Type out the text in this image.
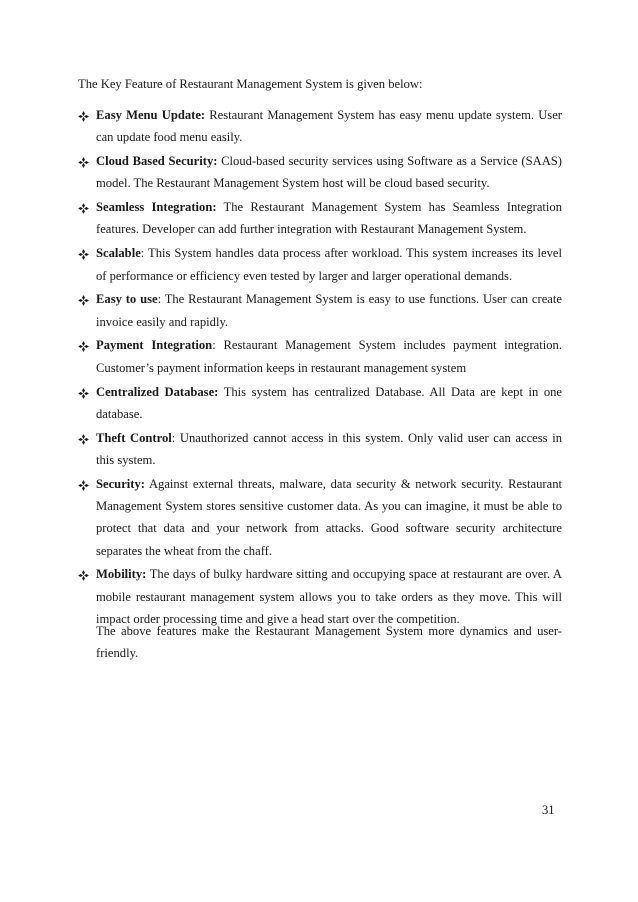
The Key Feature of Restaurant Management System is given below:

Easy Menu Update: Restaurant Management System has easy menu update system. User can update food menu easily.
Cloud Based Security: Cloud-based security services using Software as a Service (SAAS) model. The Restaurant Management System host will be cloud based security.
Seamless Integration: The Restaurant Management System has Seamless Integration features. Developer can add further integration with Restaurant Management System.
Scalable: This System handles data process after workload. This system increases its level of performance or efficiency even tested by larger and larger operational demands.
Easy to use: The Restaurant Management System is easy to use functions. User can create invoice easily and rapidly.
Payment Integration: Restaurant Management System includes payment integration. Customer’s payment information keeps in restaurant management system
Centralized Database: This system has centralized Database. All Data are kept in one database.
Theft Control: Unauthorized cannot access in this system. Only valid user can access in this system.
Security: Against external threats, malware, data security & network security. Restaurant Management System stores sensitive customer data. As you can imagine, it must be able to protect that data and your network from attacks. Good software security architecture separates the wheat from the chaff.
Mobility: The days of bulky hardware sitting and occupying space at restaurant are over. A mobile restaurant management system allows you to take orders as they move. This will impact order processing time and give a head start over the competition.

The above features make the Restaurant Management System more dynamics and user-friendly.

31
